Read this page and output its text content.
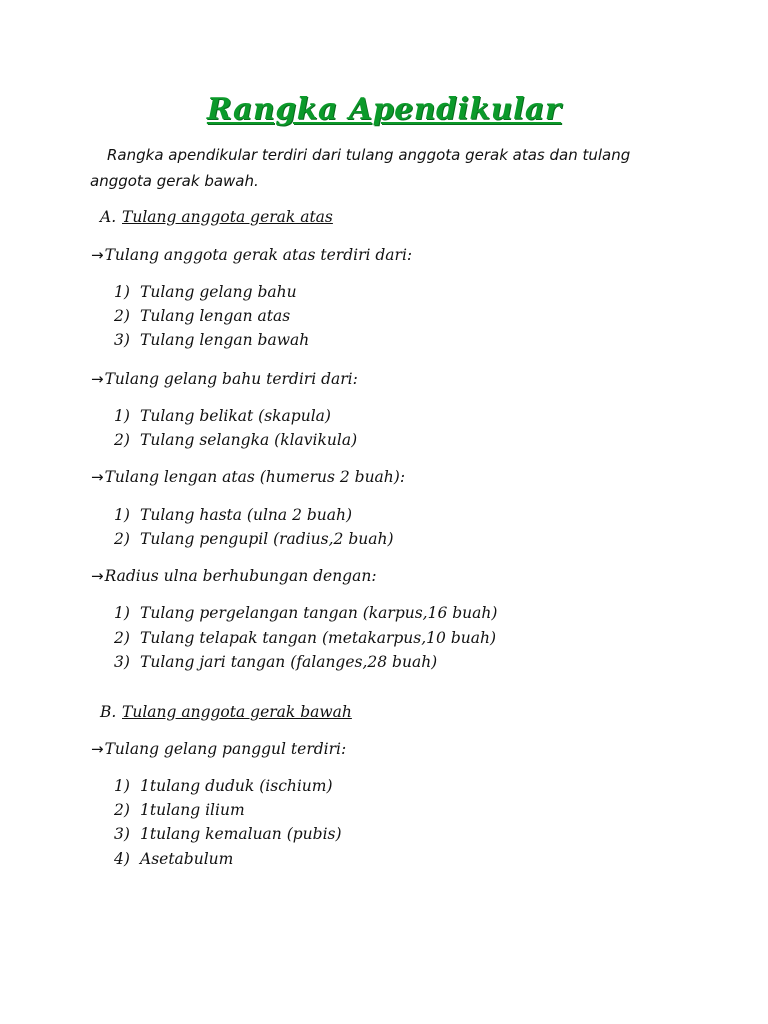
Rangka Apendikular
Rangka apendikular terdiri dari tulang anggota gerak atas dan tulang anggota gerak bawah.
A. Tulang anggota gerak atas
→Tulang anggota gerak atas terdiri dari:
1) Tulang gelang bahu
2) Tulang lengan atas
3) Tulang lengan bawah
→Tulang gelang bahu terdiri dari:
1) Tulang belikat (skapula)
2) Tulang selangka (klavikula)
→Tulang lengan atas (humerus 2 buah):
1) Tulang hasta (ulna 2 buah)
2) Tulang pengupil (radius,2 buah)
→Radius ulna berhubungan dengan:
1) Tulang pergelangan tangan (karpus,16 buah)
2) Tulang telapak tangan (metakarpus,10 buah)
3) Tulang jari tangan (falanges,28 buah)
B. Tulang anggota gerak bawah
→Tulang gelang panggul terdiri:
1) 1tulang duduk (ischium)
2) 1tulang ilium
3) 1tulang kemaluan (pubis)
4) Asetabulum
